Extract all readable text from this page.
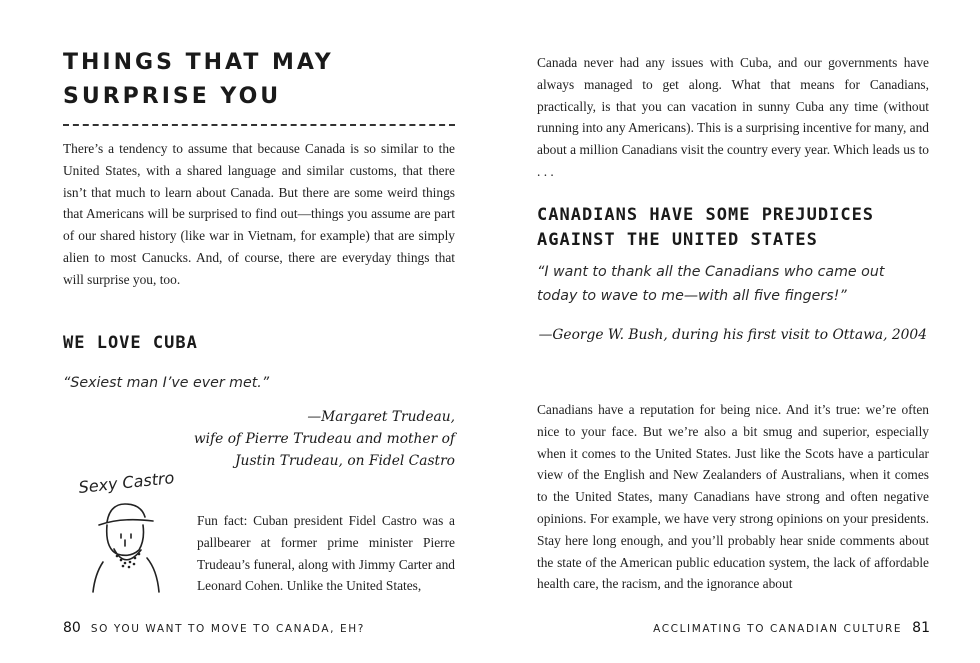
THINGS THAT MAY
SURPRISE YOU

There’s a tendency to assume that because Canada is so similar to the United States, with a shared language and similar customs, that there isn’t that much to learn about Canada. But there are some weird things that Americans will be surprised to find out—things you assume are part of our shared history (like war in Vietnam, for example) that are simply alien to most Canucks. And, of course, there are everyday things that will surprise you, too.

WE LOVE CUBA
“Sexiest man I’ve ever met.”
—Margaret Trudeau,
wife of Pierre Trudeau and mother of
Justin Trudeau, on Fidel Castro
Sexy Castro

Fun fact: Cuban president Fidel Castro was a pallbearer at former prime minister Pierre Trudeau’s funeral, along with Jimmy Carter and Leonard Cohen. Unlike the United States,

80 SO YOU WANT TO MOVE TO CANADA, EH?

Canada never had any issues with Cuba, and our governments have always managed to get along. What that means for Canadians, practically, is that you can vacation in sunny Cuba any time (without running into any Americans). This is a surprising incentive for many, and about a million Canadians visit the country every year. Which leads us to . . .

CANADIANS HAVE SOME PREJUDICES
AGAINST THE UNITED STATES
“I want to thank all the Canadians who came out
today to wave to me—with all five fingers!”
—George W. Bush, during his first visit to Ottawa, 2004

Canadians have a reputation for being nice. And it’s true: we’re often nice to your face. But we’re also a bit smug and superior, especially when it comes to the United States. Just like the Scots have a particular view of the English and New Zealanders of Australians, when it comes to the United States, many Canadians have strong and often negative opinions. For example, we have very strong opinions on your presidents. Stay here long enough, and you’ll probably hear snide comments about the state of the American public education system, the lack of affordable health care, the racism, and the ignorance about

ACCLIMATING TO CANADIAN CULTURE 81
